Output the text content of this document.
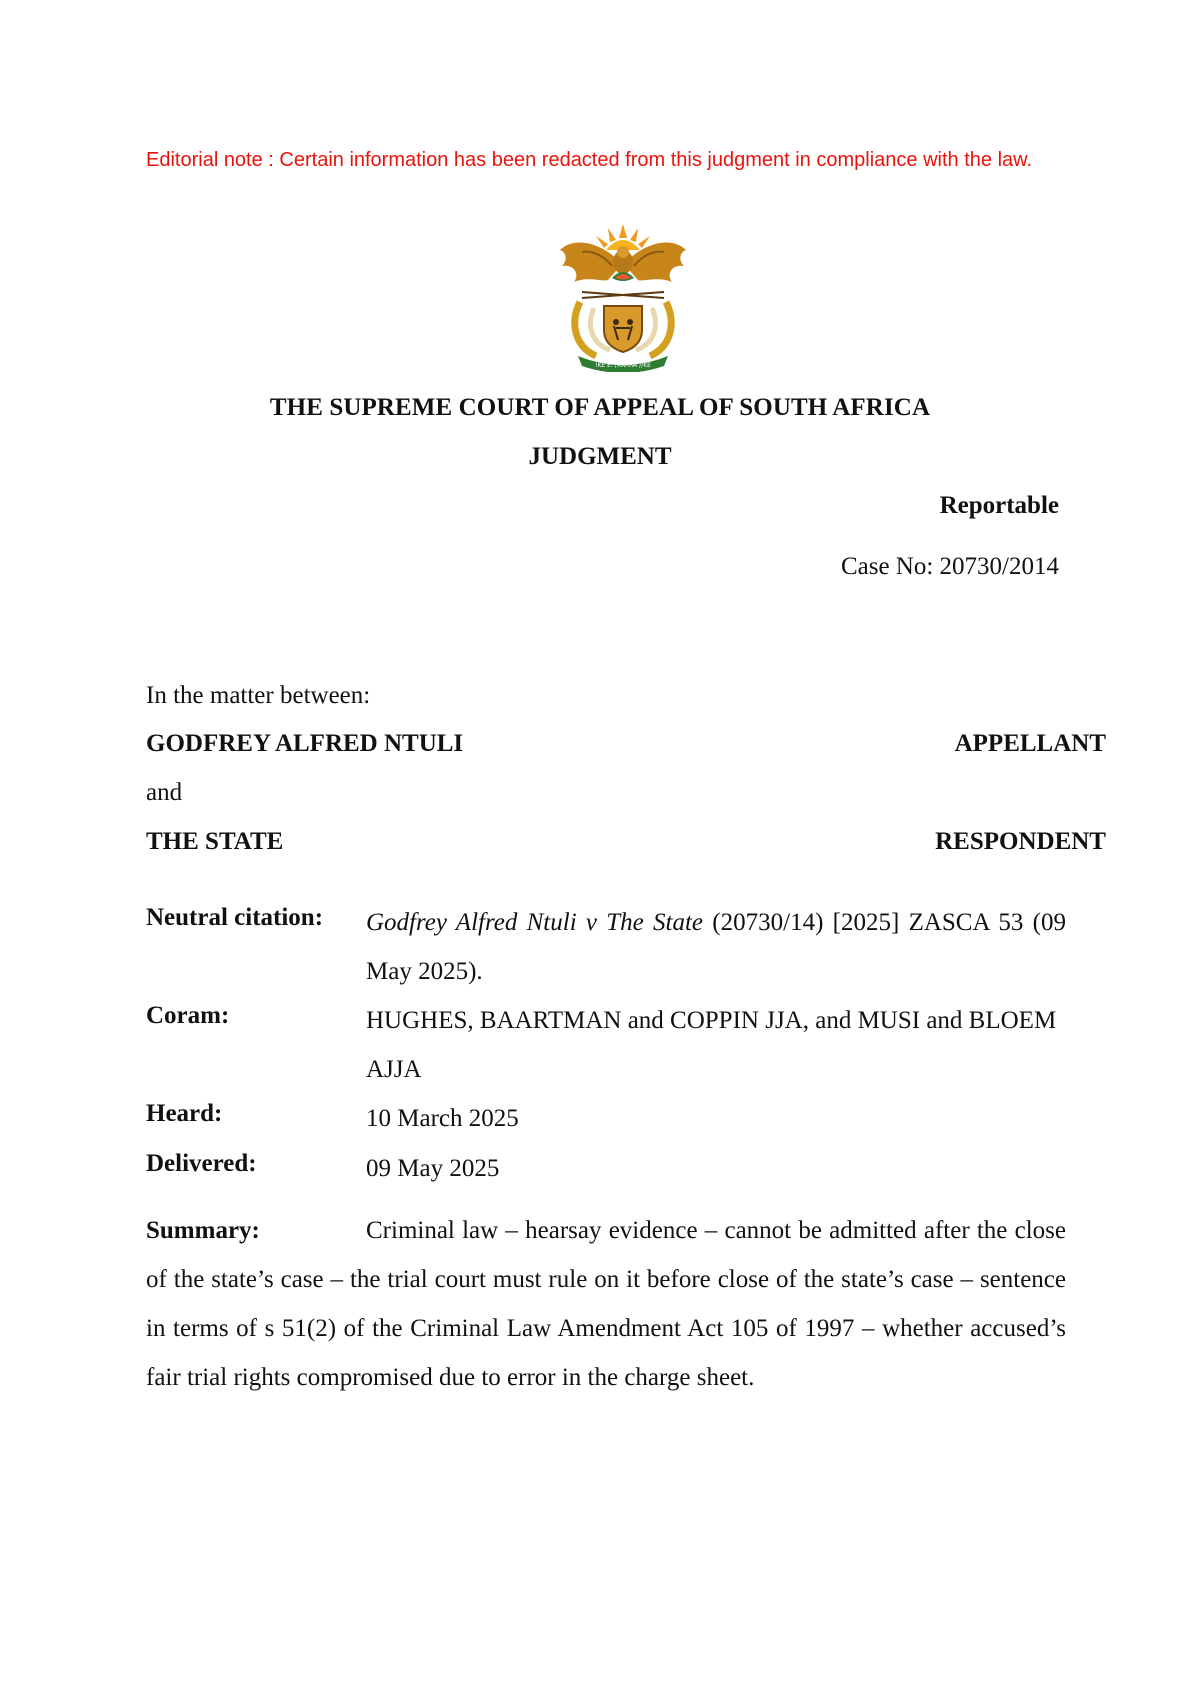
Editorial note : Certain information has been redacted from this judgment in compliance with the law.
!KE E: /XARRA //KE
THE SUPREME COURT OF APPEAL OF SOUTH AFRICA
JUDGMENT
Reportable
Case No: 20730/2014
In the matter between:
GODFREY ALFRED NTULI	APPELLANT
and
THE STATE	RESPONDENT
Neutral citation: Godfrey Alfred Ntuli v The State (20730/14) [2025] ZASCA 53 (09 May 2025).
Coram:	HUGHES, BAARTMAN and COPPIN JJA, and MUSI and BLOEM AJJA
Heard:	10 March 2025
Delivered:	09 May 2025
Summary:	Criminal law – hearsay evidence – cannot be admitted after the close of the state’s case – the trial court must rule on it before close of the state’s case – sentence in terms of s 51(2) of the Criminal Law Amendment Act 105 of 1997 – whether accused’s fair trial rights compromised due to error in the charge sheet.
